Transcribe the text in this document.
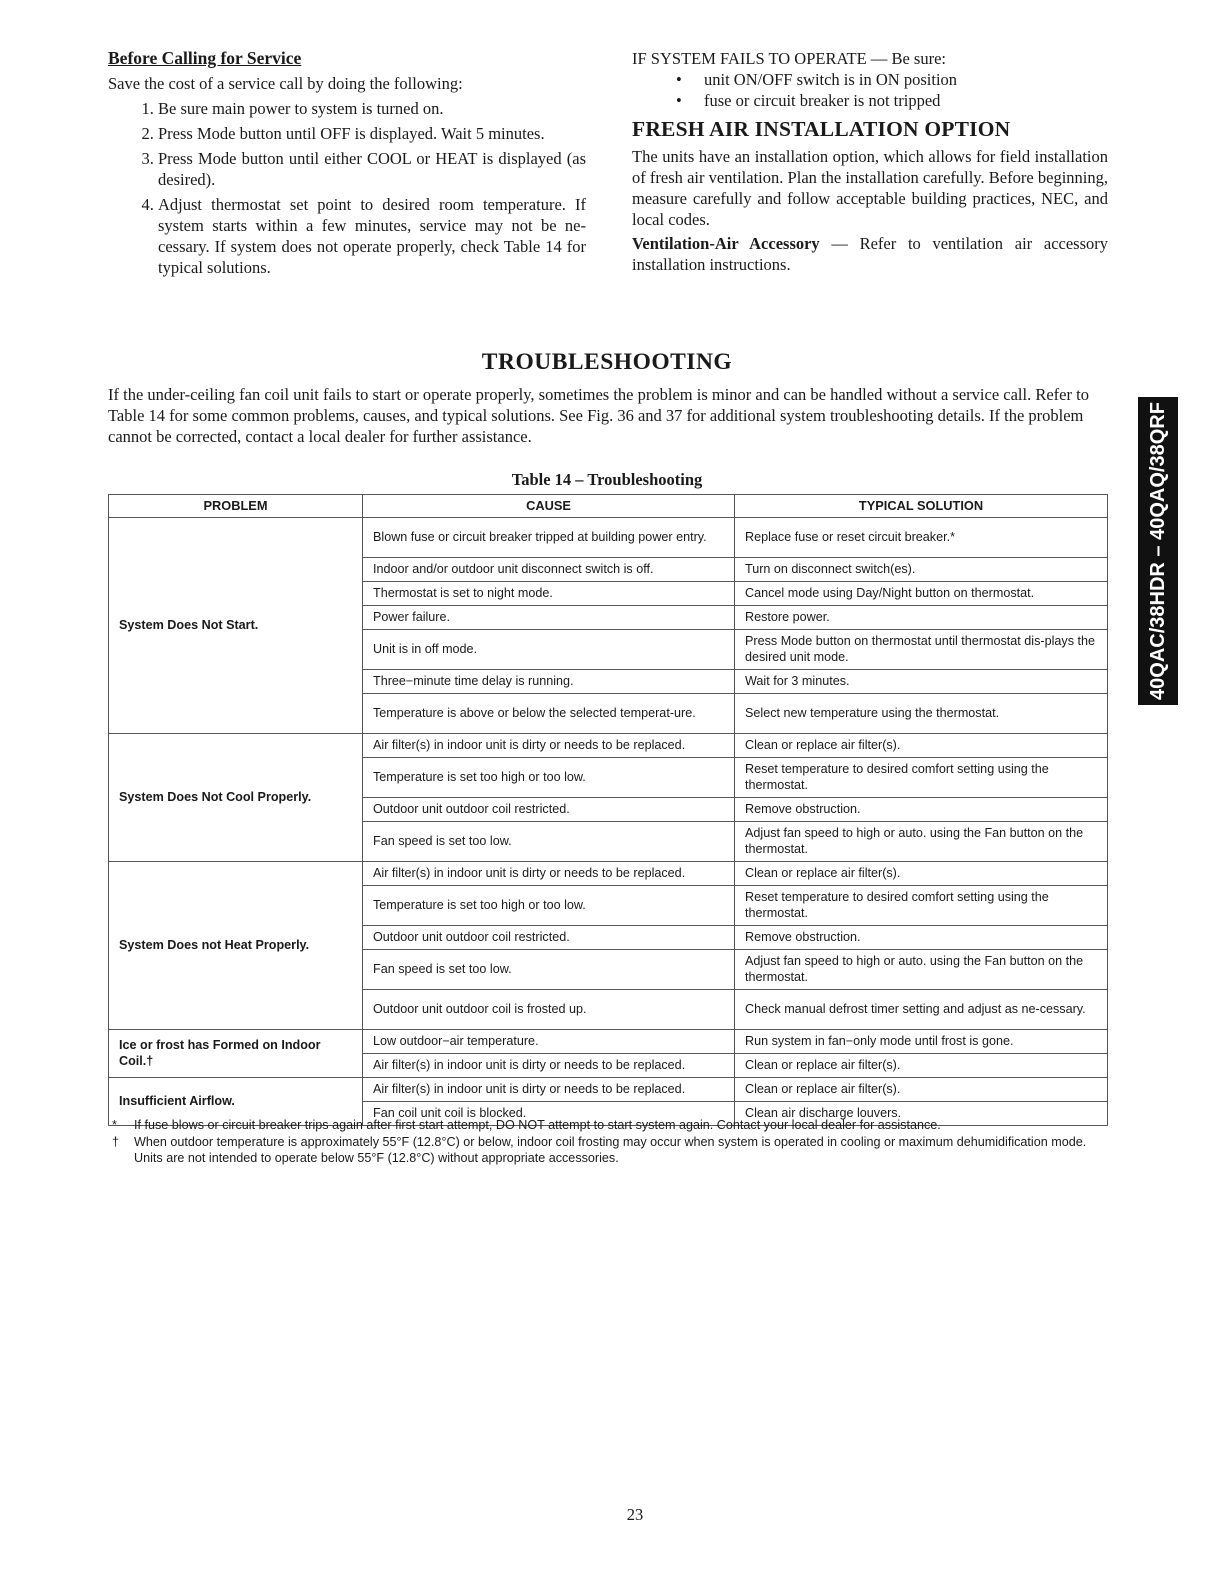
Before Calling for Service

Save the cost of a service call by doing the following:

1. Be sure main power to system is turned on.
2. Press Mode button until OFF is displayed. Wait 5 minutes.
3. Press Mode button until either COOL or HEAT is displayed (as desired).
4. Adjust thermostat set point to desired room temperature. If system starts within a few minutes, service may not be ne-cessary. If system does not operate properly, check Table 14 for typical solutions.

IF SYSTEM FAILS TO OPERATE — Be sure:

• unit ON/OFF switch is in ON position
• fuse or circuit breaker is not tripped
FRESH AIR INSTALLATION OPTION

The units have an installation option, which allows for field installation of fresh air ventilation. Plan the installation carefully. Before beginning, measure carefully and follow acceptable building practices, NEC, and local codes.

Ventilation-Air Accessory — Refer to ventilation air accessory installation instructions.

TROUBLESHOOTING

If the under-ceiling fan coil unit fails to start or operate properly, sometimes the problem is minor and can be handled without a service call. Refer to Table 14 for some common problems, causes, and typical solutions. See Fig. 36 and 37 for additional system troubleshooting details. If the problem cannot be corrected, contact a local dealer for further assistance.

Table 14 – Troubleshooting
PROBLEM	CAUSE	TYPICAL SOLUTION
System Does Not Start.	Blown fuse or circuit breaker tripped at building power entry.	Replace fuse or reset circuit breaker.*
	Indoor and/or outdoor unit disconnect switch is off.	Turn on disconnect switch(es).
	Thermostat is set to night mode.	Cancel mode using Day/Night button on thermostat.
	Power failure.	Restore power.
	Unit is in off mode.	Press Mode button on thermostat until thermostat dis-plays the desired unit mode.
	Three−minute time delay is running.	Wait for 3 minutes.
	Temperature is above or below the selected temperat-ure.	Select new temperature using the thermostat.
System Does Not Cool Properly.	Air filter(s) in indoor unit is dirty or needs to be replaced.	Clean or replace air filter(s).
	Temperature is set too high or too low.	Reset temperature to desired comfort setting using the thermostat.
	Outdoor unit outdoor coil restricted.	Remove obstruction.
	Fan speed is set too low.	Adjust fan speed to high or auto. using the Fan button on the thermostat.
System Does not Heat Properly.	Air filter(s) in indoor unit is dirty or needs to be replaced.	Clean or replace air filter(s).
	Temperature is set too high or too low.	Reset temperature to desired comfort setting using the thermostat.
	Outdoor unit outdoor coil restricted.	Remove obstruction.
	Fan speed is set too low.	Adjust fan speed to high or auto. using the Fan button on the thermostat.
	Outdoor unit outdoor coil is frosted up.	Check manual defrost timer setting and adjust as ne-cessary.
Ice or frost has Formed on Indoor Coil.†	Low outdoor−air temperature.	Run system in fan−only mode until frost is gone.
	Air filter(s) in indoor unit is dirty or needs to be replaced.	Clean or replace air filter(s).
Insufficient Airflow.	Air filter(s) in indoor unit is dirty or needs to be replaced.	Clean or replace air filter(s).
	Fan coil unit coil is blocked.	Clean air discharge louvers.
* If fuse blows or circuit breaker trips again after first start attempt, DO NOT attempt to start system again. Contact your local dealer for assistance.
† When outdoor temperature is approximately 55°F (12.8°C) or below, indoor coil frosting may occur when system is operated in cooling or maximum dehumidification mode. Units are not intended to operate below 55°F (12.8°C) without appropriate accessories.
40QAC/38HDR – 40QAQ/38QRF
23
